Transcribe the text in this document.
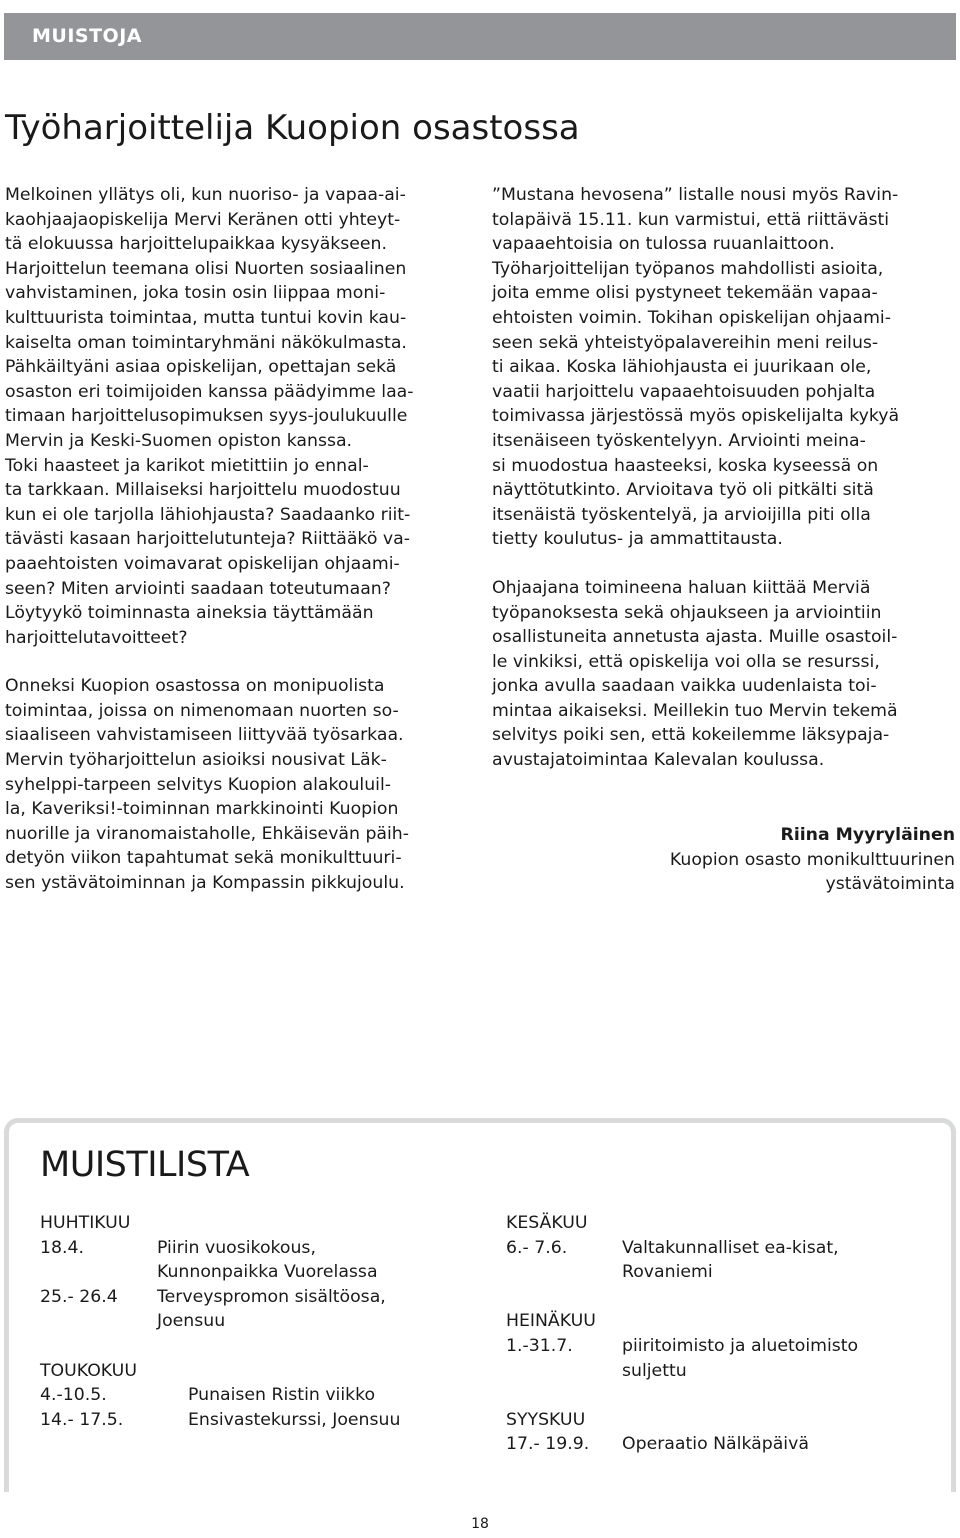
MUISTOJA
Työharjoittelija Kuopion osastossa

Melkoinen yllätys oli, kun nuoriso- ja vapaa-ai-
kaohjaajaopiskelija Mervi Keränen otti yhteyt-
tä elokuussa harjoittelupaikkaa kysyäkseen.
Harjoittelun teemana olisi Nuorten sosiaalinen
vahvistaminen, joka tosin osin liippaa moni-
kulttuurista toimintaa, mutta tuntui kovin kau-
kaiselta oman toimintaryhmäni näkökulmasta.
Pähkäiltyäni asiaa opiskelijan, opettajan sekä
osaston eri toimijoiden kanssa päädyimme laa-
timaan harjoittelusopimuksen syys-joulukuulle
Mervin ja Keski-Suomen opiston kanssa.
Toki haasteet ja karikot mietittiin jo ennal-
ta tarkkaan. Millaiseksi harjoittelu muodostuu
kun ei ole tarjolla lähiohjausta? Saadaanko riit-
tävästi kasaan harjoittelutunteja? Riittääkö va-
paaehtoisten voimavarat opiskelijan ohjaami-
seen? Miten arviointi saadaan toteutumaan?
Löytyykö toiminnasta aineksia täyttämään
harjoittelutavoitteet?

Onneksi Kuopion osastossa on monipuolista
toimintaa, joissa on nimenomaan nuorten so-
siaaliseen vahvistamiseen liittyvää työsarkaa.
Mervin työharjoittelun asioiksi nousivat Läk-
syhelppi-tarpeen selvitys Kuopion alakouluil-
la, Kaveriksi!-toiminnan markkinointi Kuopion
nuorille ja viranomaistaholle, Ehkäisevän päih-
detyön viikon tapahtumat sekä monikulttuuri-
sen ystävätoiminnan ja Kompassin pikkujoulu.

”Mustana hevosena” listalle nousi myös Ravin-
tolapäivä 15.11. kun varmistui, että riittävästi
vapaaehtoisia on tulossa ruuanlaittoon.
Työharjoittelijan työpanos mahdollisti asioita,
joita emme olisi pystyneet tekemään vapaa-
ehtoisten voimin. Tokihan opiskelijan ohjaami-
seen sekä yhteistyöpalavereihin meni reilus-
ti aikaa. Koska lähiohjausta ei juurikaan ole,
vaatii harjoittelu vapaaehtoisuuden pohjalta
toimivassa järjestössä myös opiskelijalta kykyä
itsenäiseen työskentelyyn. Arviointi meina-
si muodostua haasteeksi, koska kyseessä on
näyttötutkinto. Arvioitava työ oli pitkälti sitä
itsenäistä työskentelyä, ja arvioijilla piti olla
tietty koulutus- ja ammattitausta.

Ohjaajana toimineena haluan kiittää Merviä
työpanoksesta sekä ohjaukseen ja arviointiin
osallistuneita annetusta ajasta. Muille osastoil-
le vinkiksi, että opiskelija voi olla se resurssi,
jonka avulla saadaan vaikka uudenlaista toi-
mintaa aikaiseksi. Meillekin tuo Mervin tekemä
selvitys poiki sen, että kokeilemme läksypaja-
avustajatoimintaa Kalevalan koulussa.

Riina Myyryläinen
Kuopion osasto monikulttuurinen
ystävätoiminta
MUISTILISTA
HUHTIKUU
18.4.	Piirin vuosikokous,
Kunnonpaikka Vuorelassa
25.- 26.4	Terveyspromon sisältöosa,
Joensuu
TOUKOKUU
4.-10.5.	Punaisen Ristin viikko
14.- 17.5.	Ensivastekurssi, Joensuu
KESÄKUU
6.- 7.6.	Valtakunnalliset ea-kisat,
Rovaniemi
HEINÄKUU
1.-31.7.	piiritoimisto ja aluetoimisto
suljettu
SYYSKUU
17.- 19.9.	Operaatio Nälkäpäivä
18
